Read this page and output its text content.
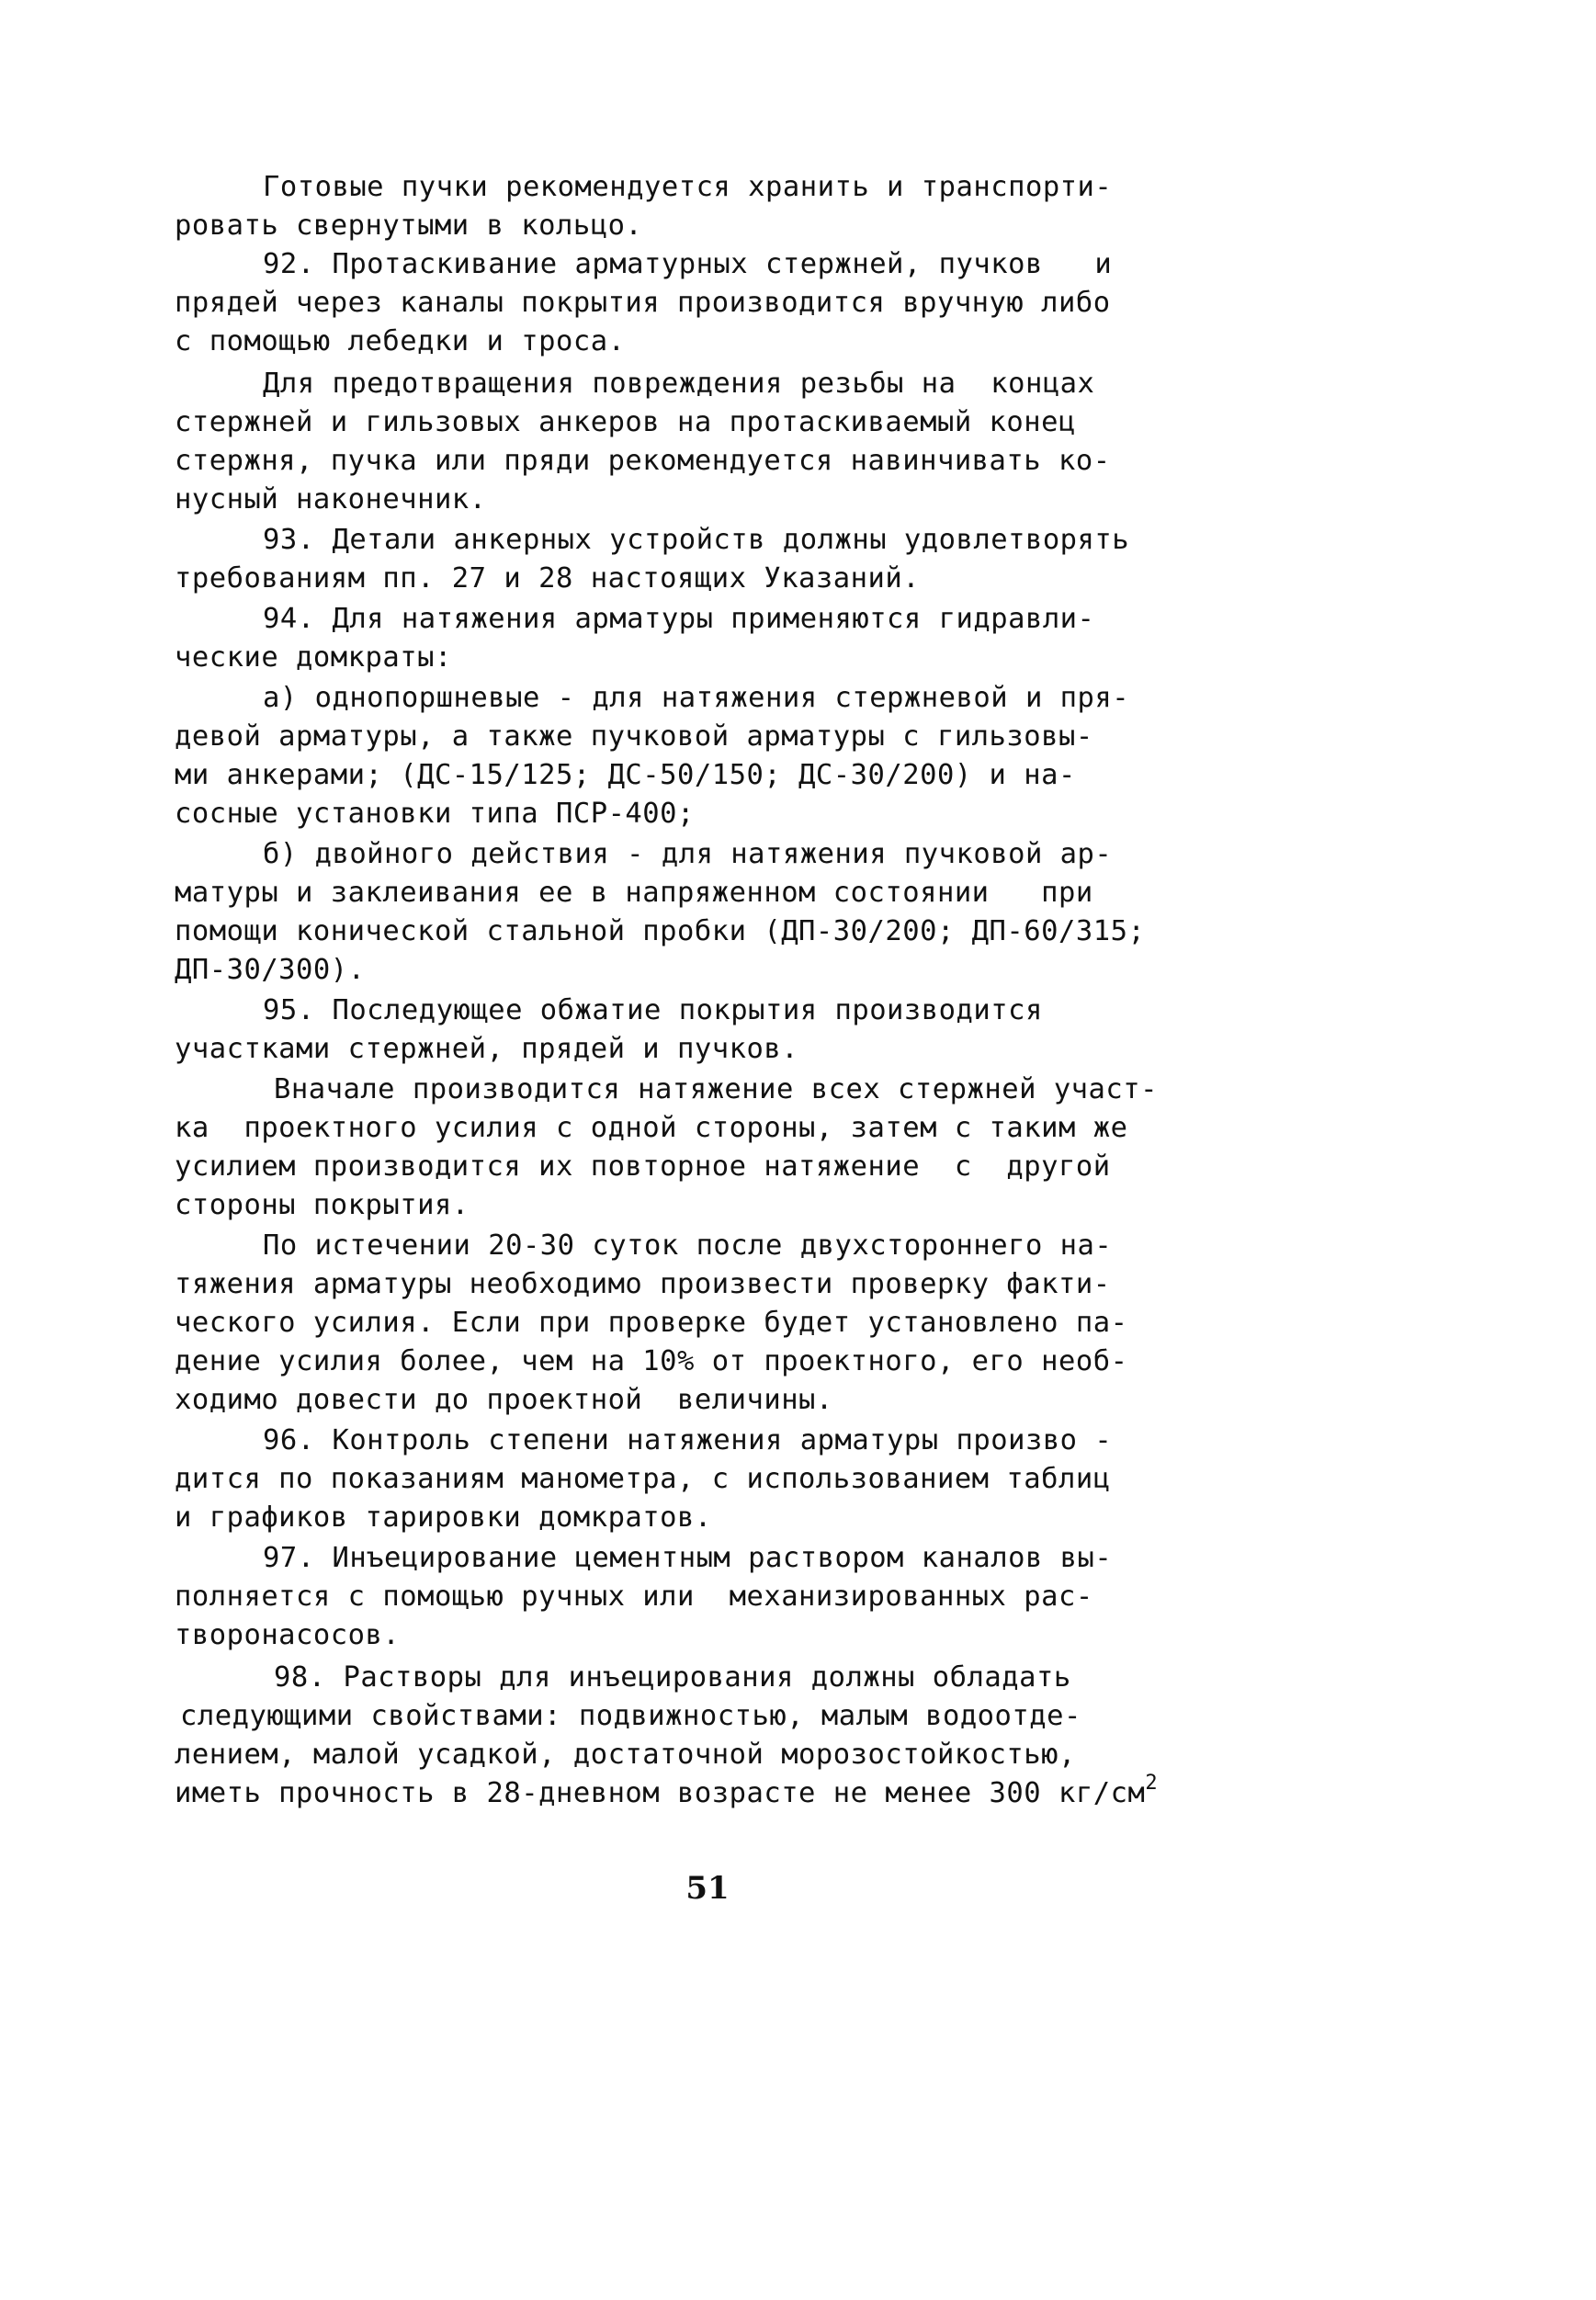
Готовые пучки рекомендуется хранить и транспорти-
ровать свернутыми в кольцо.
92. Протаскивание арматурных стержней, пучков   и
прядей через каналы покрытия производится вручную либо
с помощью лебедки и троса.
Для предотвращения повреждения резьбы на  концах
стержней и гильзовых анкеров на протаскиваемый конец
стержня, пучка или пряди рекомендуется навинчивать ко-
нусный наконечник.
93. Детали анкерных устройств должны удовлетворять
требованиям пп. 27 и 28 настоящих Указаний.
94. Для натяжения арматуры применяются гидравли-
ческие домкраты:
а) однопоршневые - для натяжения стержневой и пря-
девой арматуры, а также пучковой арматуры с гильзовы-
ми анкерами; (ДС-15/125; ДС-50/150; ДС-30/200) и на-
сосные установки типа ПСР-400;
б) двойного действия - для натяжения пучковой ар-
матуры и заклеивания ее в напряженном состоянии   при
помощи конической стальной пробки (ДП-30/200; ДП-60/315;
ДП-30/300).
95. Последующее обжатие покрытия производится
участками стержней, прядей и пучков.
Вначале производится натяжение всех стержней участ-
ка  проектного усилия с одной стороны, затем с таким же
усилием производится их повторное натяжение  с  другой
стороны покрытия.
По истечении 20-30 суток после двухстороннего на-
тяжения арматуры необходимо произвести проверку факти-
ческого усилия. Если при проверке будет установлено па-
дение усилия более, чем на 10% от проектного, его необ-
ходимо довести до проектной  величины.
96. Контроль степени натяжения арматуры произво -
дится по показаниям манометра, с использованием таблиц
и графиков тарировки домкратов.
97. Инъецирование цементным раствором каналов вы-
полняется с помощью ручных или  механизированных рас-
творонасосов.
98. Растворы для инъецирования должны обладать
следующими свойствами: подвижностью, малым водоотде-
лением, малой усадкой, достаточной морозостойкостью,
иметь прочность в 28-дневном возрасте не менее 300 $кг/см^2$
51
